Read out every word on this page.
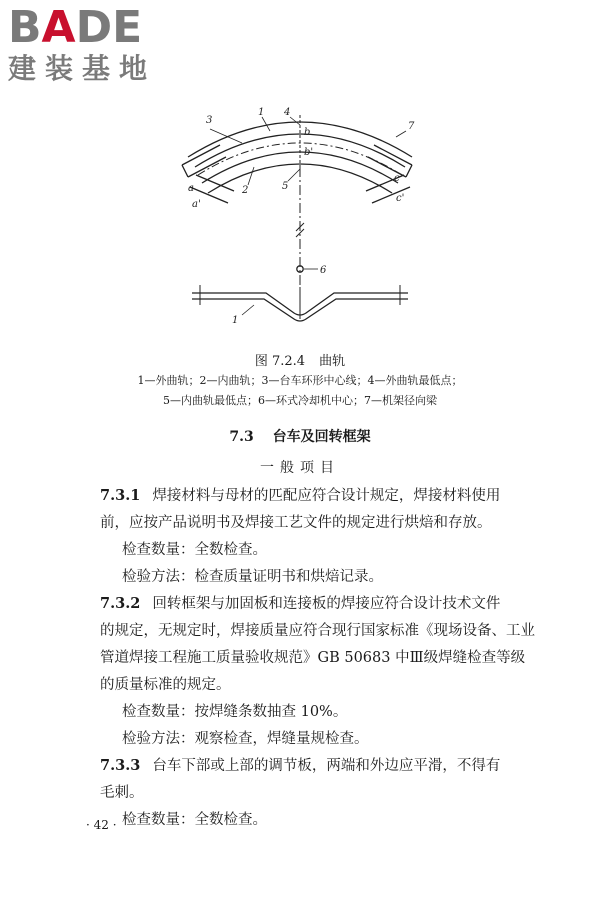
BADE
建装基地
3
1 4
b
b'
2	5
6
7
a
a'
c
c'
1
图 7.2.4 曲轨
1—外曲轨；2—内曲轨；3—台车环形中心线；4—外曲轨最低点；
5—内曲轨最低点；6—环式冷却机中心；7—机架径向梁
7.3 台车及回转框架
一般项目
7.3.1 焊接材料与母材的匹配应符合设计规定，焊接材料使用
前，应按产品说明书及焊接工艺文件的规定进行烘焙和存放。
检查数量：全数检查。
检验方法：检查质量证明书和烘焙记录。
7.3.2 回转框架与加固板和连接板的焊接应符合设计技术文件
的规定，无规定时，焊接质量应符合现行国家标准《现场设备、工业
管道焊接工程施工质量验收规范》GB 50683 中Ⅲ级焊缝检查等级
的质量标准的规定。
检查数量：按焊缝条数抽查 10%。
检验方法：观察检查，焊缝量规检查。
7.3.3 台车下部或上部的调节板，两端和外边应平滑，不得有
毛刺。
检查数量：全数检查。
· 42 ·
